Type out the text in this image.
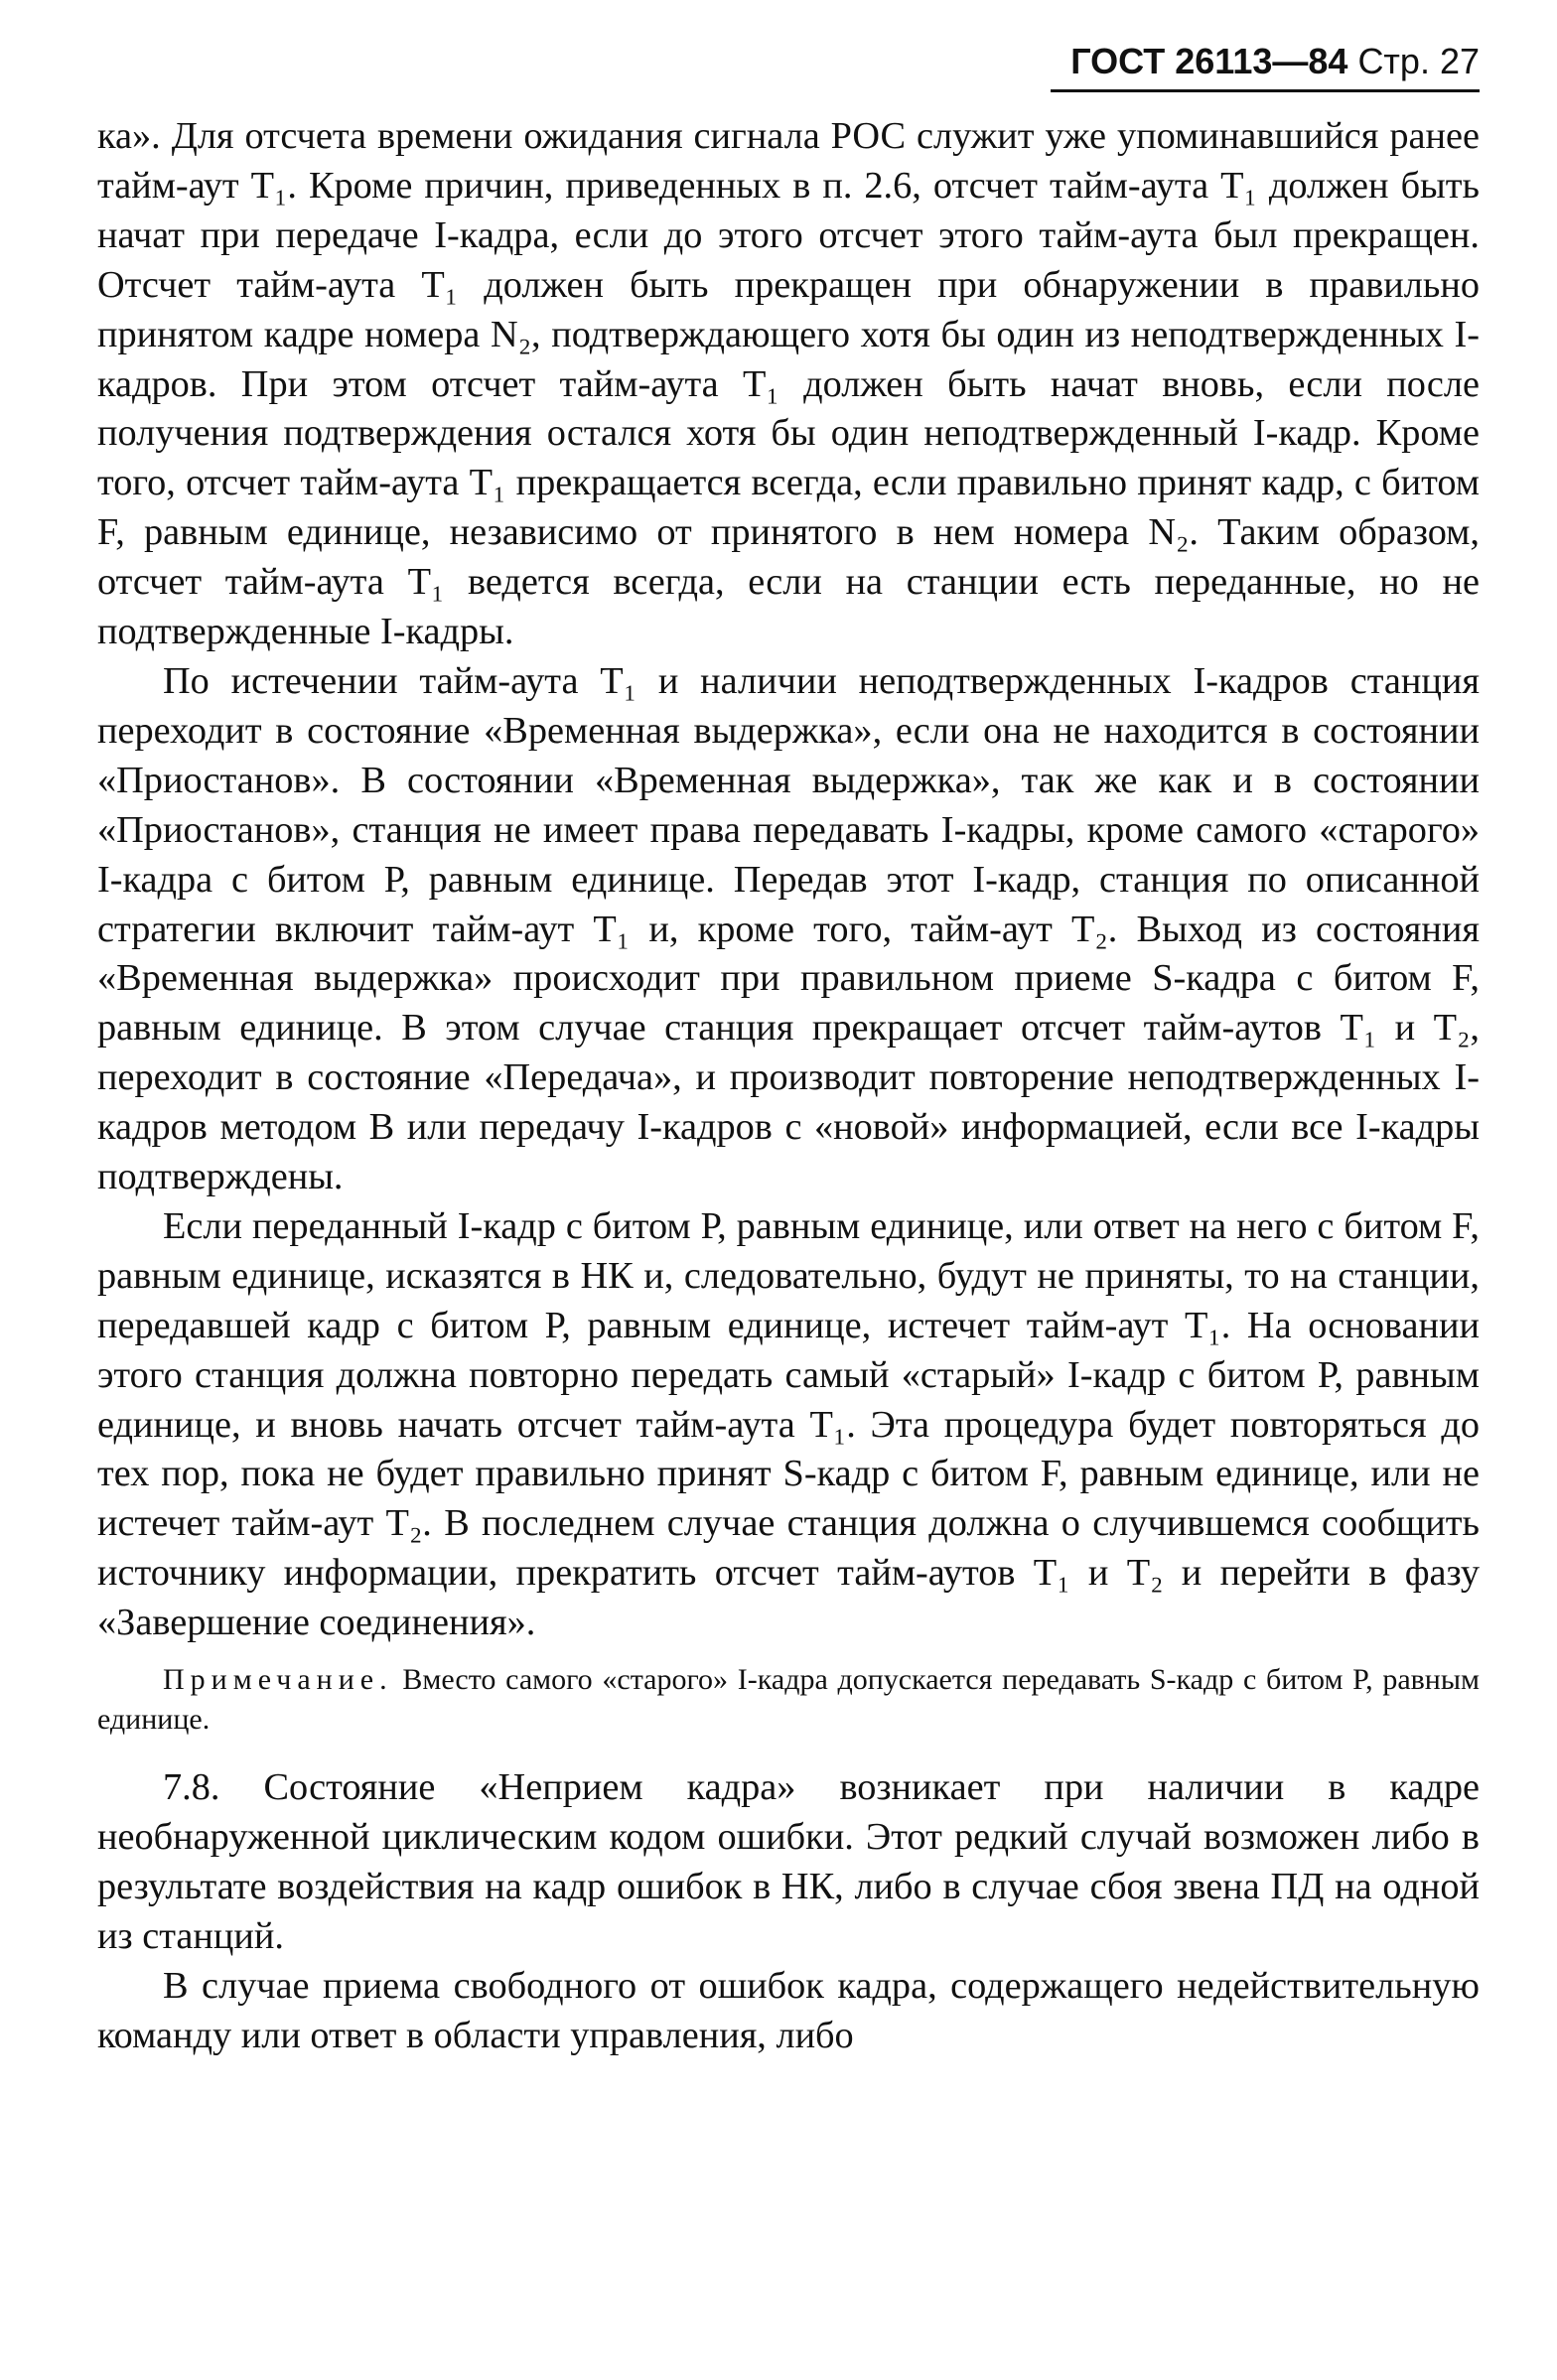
ГОСТ 26113—84 Стр. 27

ка». Для отсчета времени ожидания сигнала РОС служит уже упоминавшийся ранее тайм-аут Т₁. Кроме причин, приведенных в п. 2.6, отсчет тайм-аута Т₁ должен быть начат при передаче I-кадра, если до этого отсчет этого тайм-аута был прекращен. Отсчет тайм-аута Т₁ должен быть прекращен при обнаружении в правильно принятом кадре номера N₂, подтверждающего хотя бы один из неподтвержденных I-кадров. При этом отсчет тайм-аута Т₁ должен быть начат вновь, если после получения подтверждения остался хотя бы один неподтвержденный I-кадр. Кроме того, отсчет тайм-аута Т₁ прекращается всегда, если правильно принят кадр, с битом F, равным единице, независимо от принятого в нем номера N₂. Таким образом, отсчет тайм-аута Т₁ ведется всегда, если на станции есть переданные, но не подтвержденные I-кадры.

По истечении тайм-аута Т₁ и наличии неподтвержденных I-кадров станция переходит в состояние «Временная выдержка», если она не находится в состоянии «Приостанов». В состоянии «Временная выдержка», так же как и в состоянии «Приостанов», станция не имеет права передавать I-кадры, кроме самого «старого» I-кадра с битом Р, равным единице. Передав этот I-кадр, станция по описанной стратегии включит тайм-аут Т₁ и, кроме того, тайм-аут Т₂. Выход из состояния «Временная выдержка» происходит при правильном приеме S-кадра с битом F, равным единице. В этом случае станция прекращает отсчет тайм-аутов Т₁ и Т₂, переходит в состояние «Передача», и производит повторение неподтвержденных I-кадров методом В или передачу I-кадров с «новой» информацией, если все I-кадры подтверждены.

Если переданный I-кадр с битом Р, равным единице, или ответ на него с битом F, равным единице, исказятся в НК и, следовательно, будут не приняты, то на станции, передавшей кадр с битом Р, равным единице, истечет тайм-аут Т₁. На основании этого станция должна повторно передать самый «старый» I-кадр с битом Р, равным единице, и вновь начать отсчет тайм-аута Т₁. Эта процедура будет повторяться до тех пор, пока не будет правильно принят S-кадр с битом F, равным единице, или не истечет тайм-аут Т₂. В последнем случае станция должна о случившемся сообщить источнику информации, прекратить отсчет тайм-аутов Т₁ и Т₂ и перейти в фазу «Завершение соединения».

Примечание. Вместо самого «старого» I-кадра допускается передавать S-кадр с битом Р, равным единице.

7.8. Состояние «Неприем кадра» возникает при наличии в кадре необнаруженной циклическим кодом ошибки. Этот редкий случай возможен либо в результате воздействия на кадр ошибок в НК, либо в случае сбоя звена ПД на одной из станций.

В случае приема свободного от ошибок кадра, содержащего недействительную команду или ответ в области управления, либо
